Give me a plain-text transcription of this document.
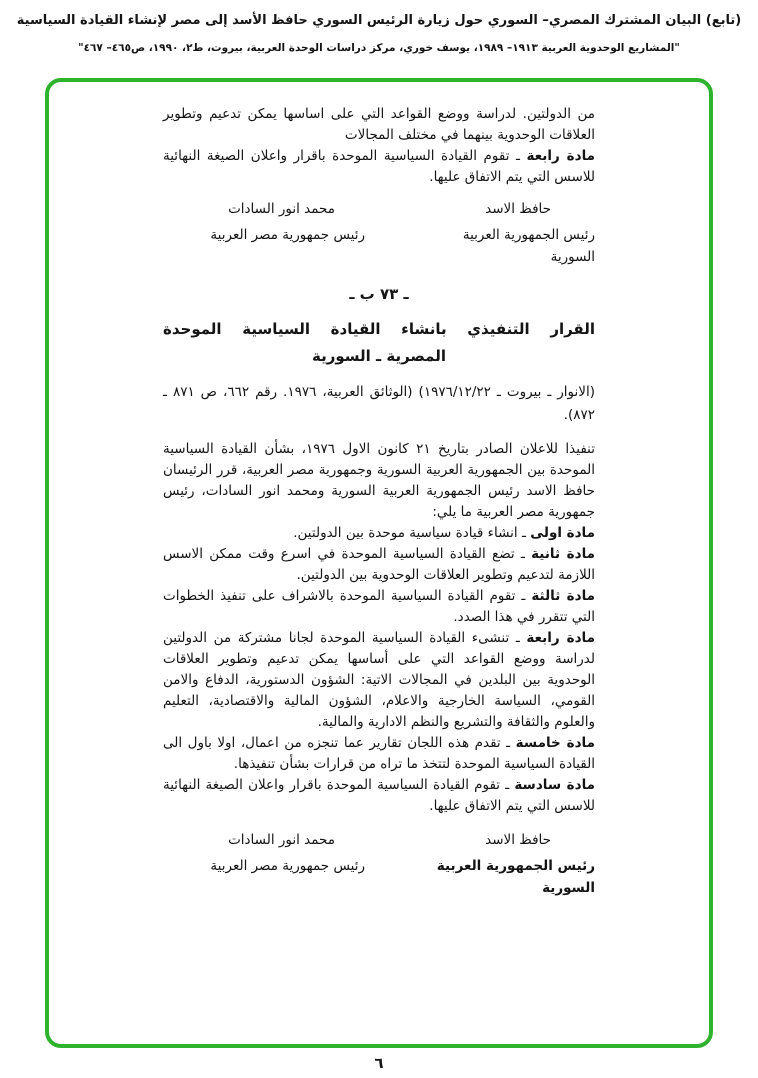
(تابع) البيان المشترك المصري– السوري حول زيارة الرئيس السوري حافظ الأسد إلى مصر لإنشاء القيادة السياسية
"المشاريع الوحدوية العربية ١٩١٣– ١٩٨٩، يوسف خوري، مركز دراسات الوحدة العربية، بيروت، ط٢، ١٩٩٠، ص٤٦٥– ٤٦٧"

من الدولتين. لدراسة ووضع القواعد التي على اساسها يمكن تدعيم وتطوير العلاقات الوحدوية بينهما في مختلف المجالات

مادة رابعة ـ تقوم القيادة السياسية الموحدة باقرار واعلان الصيغة النهائية للاسس التي يتم الاتفاق عليها.

حافظ الاسد
رئيس الجمهورية العربية
السورية
محمد انور السادات
رئيس جمهورية مصر العربية
ـ ٧٣ ب ـ
القرار التنفيذي بانشاء القيادة السياسية الموحدة
المصرية ـ السورية

(الانوار ـ بيروت ـ ١٩٧٦/١٢/٢٢) (الوثائق العربية، ١٩٧٦. رقم ٦٦٢، ص ٨٧١ ـ ٨٧٢).

تنفيذا للاعلان الصادر بتاريخ ٢١ كانون الاول ١٩٧٦، بشأن القيادة السياسية الموحدة بين الجمهورية العربية السورية وجمهورية مصر العربية، قرر الرئيسان حافظ الاسد رئيس الجمهورية العربية السورية ومحمد انور السادات، رئيس جمهورية مصر العربية ما يلي:

مادة اولى ـ انشاء قيادة سياسية موحدة بين الدولتين.

مادة ثانية ـ تضع القيادة السياسية الموحدة في اسرع وقت ممكن الاسس اللازمة لتدعيم وتطوير العلاقات الوحدوية بين الدولتين.

مادة ثالثة ـ تقوم القيادة السياسية الموحدة بالاشراف على تنفيذ الخطوات التي تتقرر في هذا الصدد.

مادة رابعة ـ تنشىء القيادة السياسية الموحدة لجانا مشتركة من الدولتين لدراسة ووضع القواعد التي على أساسها يمكن تدعيم وتطوير العلاقات الوحدوية بين البلدين في المجالات الاتية: الشؤون الدستورية، الدفاع والامن القومي، السياسة الخارجية والاعلام، الشؤون المالية والاقتصادية، التعليم والعلوم والثقافة والتشريع والنظم الادارية والمالية.

مادة خامسة ـ تقدم هذه اللجان تقارير عما تنجزه من اعمال، اولا باول الى القيادة السياسية الموحدة لتتخذ ما تراه من قرارات بشأن تنفيذها.

مادة سادسة ـ تقوم القيادة السياسية الموحدة باقرار واعلان الصيغة النهائية للاسس التي يتم الاتفاق عليها.

حافظ الاسد
رئيس الجمهورية العربية
السورية
محمد انور السادات
رئيس جمهورية مصر العربية
٦
